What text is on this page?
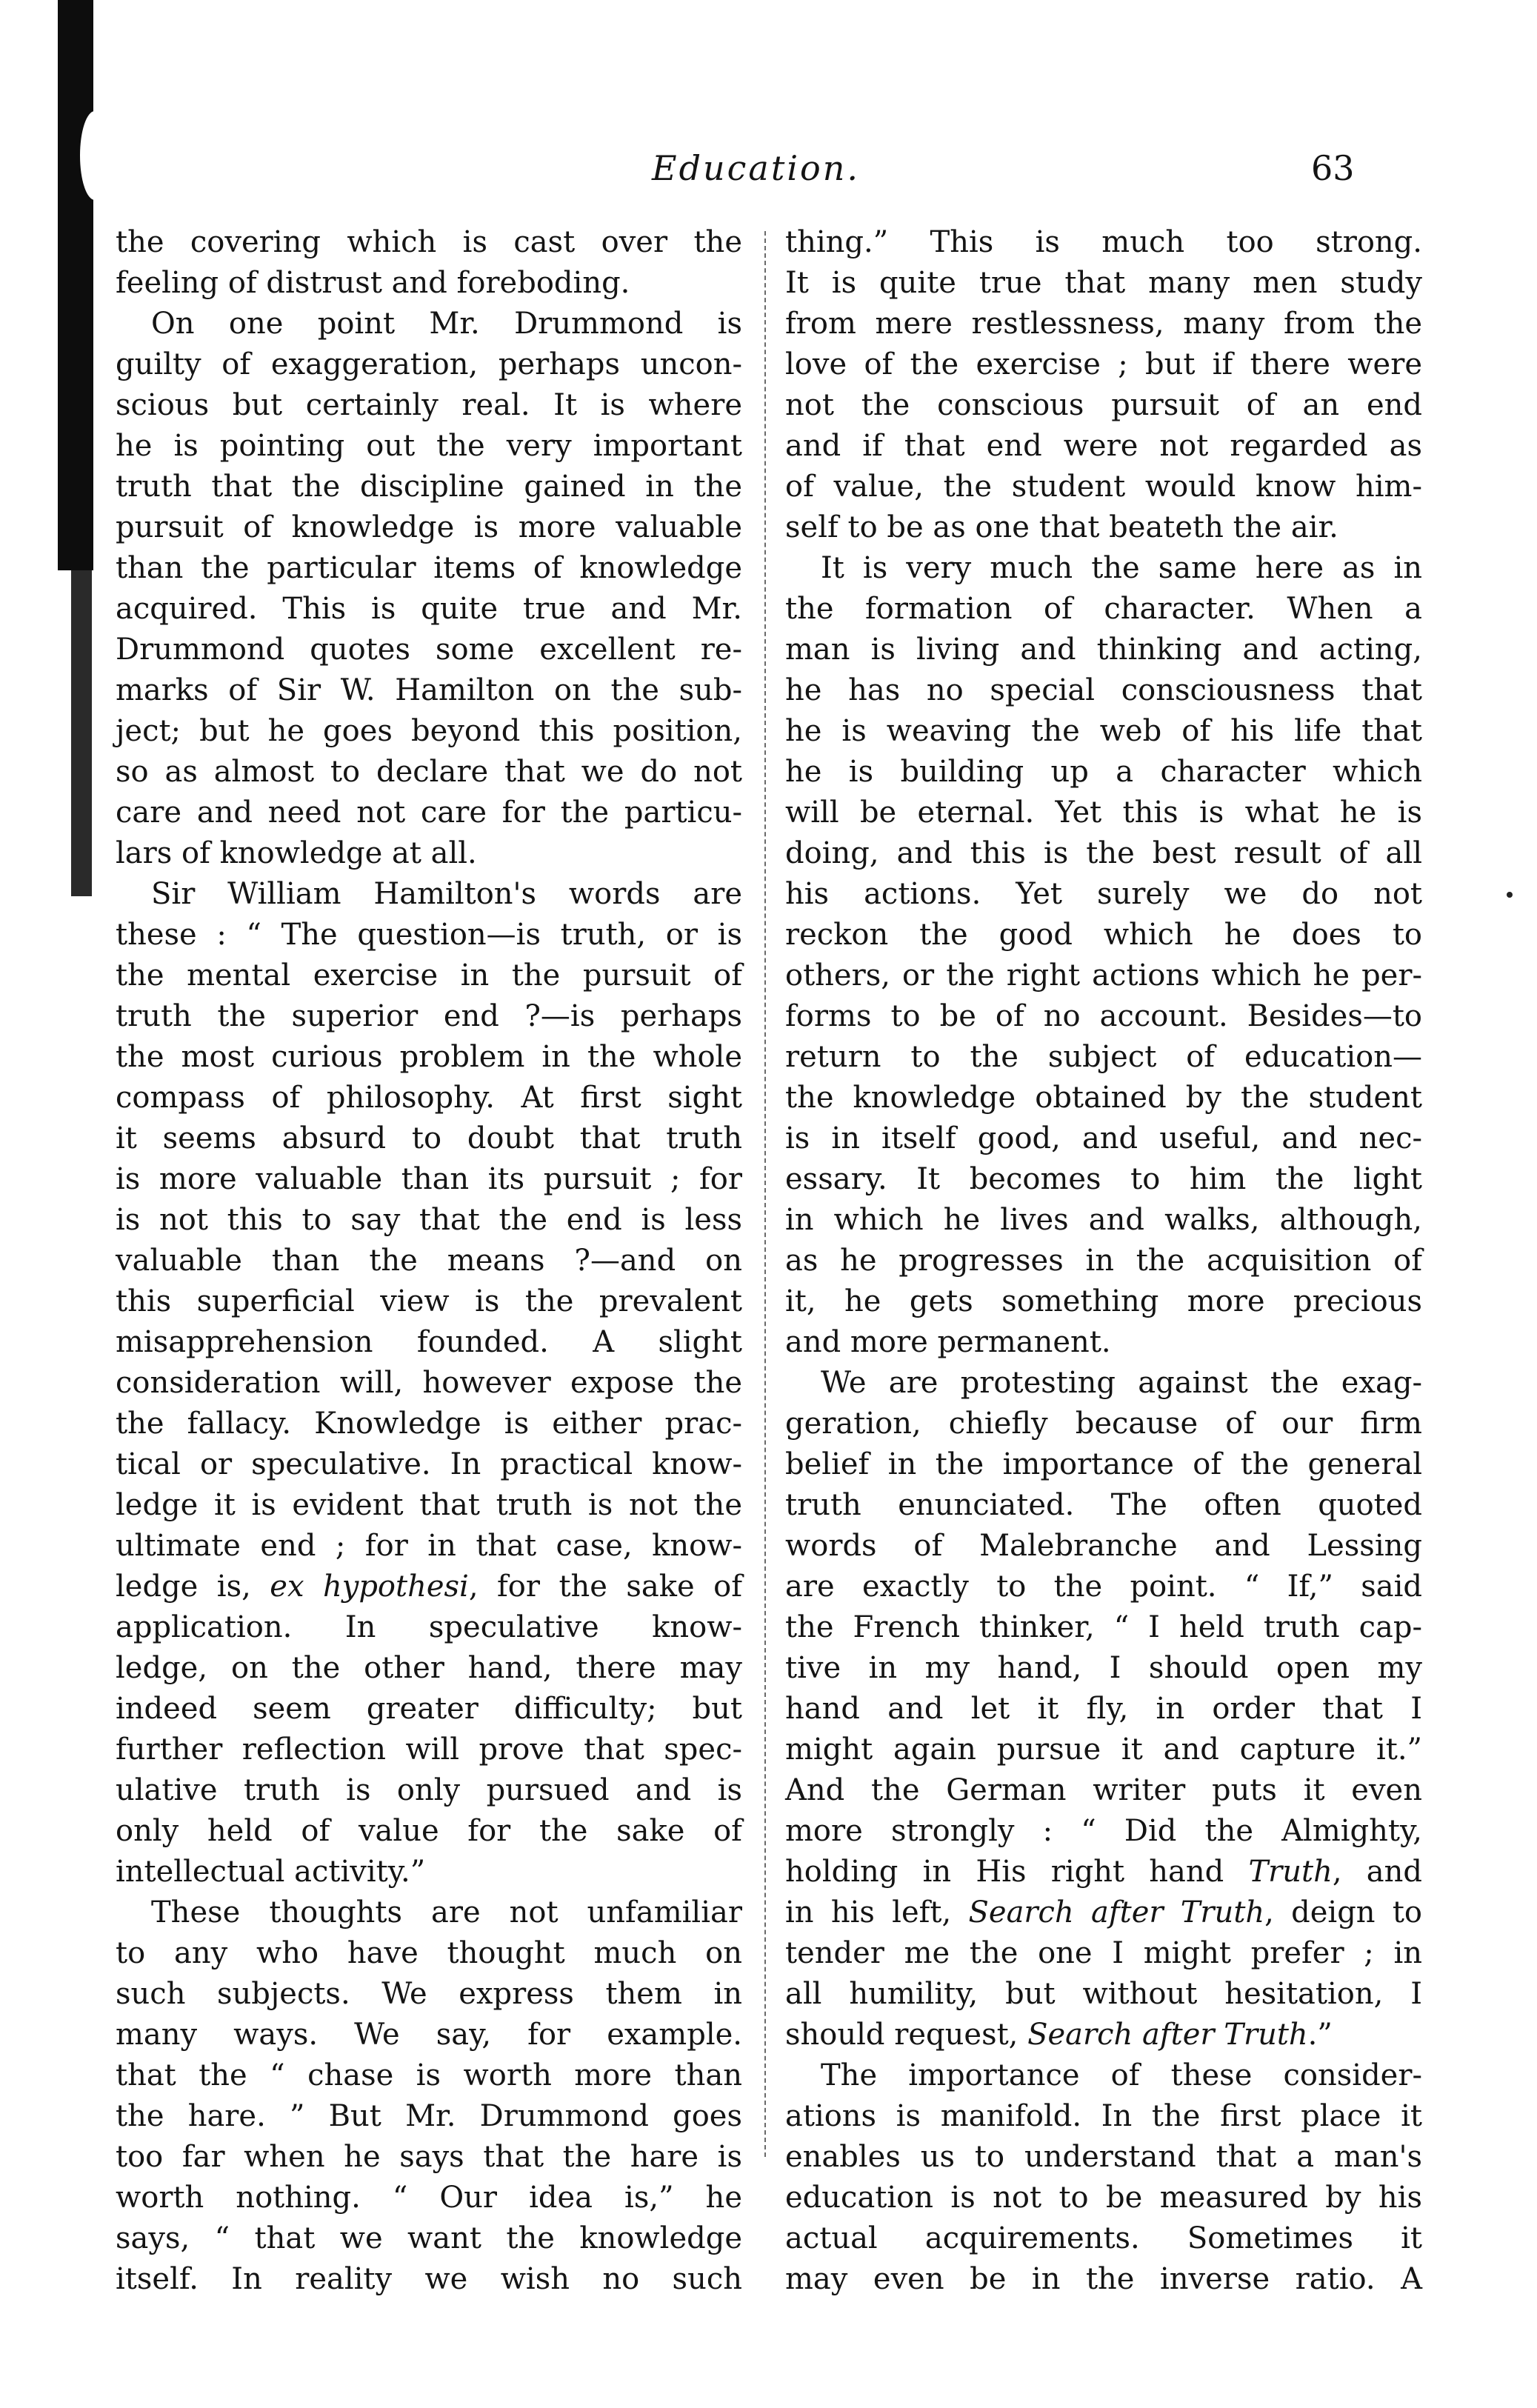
Education.	63
the covering which is cast over the
feeling of distrust and foreboding.
On one point Mr. Drummond is
guilty of exaggeration, perhaps uncon-
scious but certainly real. It is where
he is pointing out the very important
truth that the discipline gained in the
pursuit of knowledge is more valuable
than the particular items of knowledge
acquired. This is quite true and Mr.
Drummond quotes some excellent re-
marks of Sir W. Hamilton on the sub-
ject; but he goes beyond this position,
so as almost to declare that we do not
care and need not care for the particu-
lars of knowledge at all.
Sir William Hamilton's words are
these : “ The question—is truth, or is
the mental exercise in the pursuit of
truth the superior end ?—is perhaps
the most curious problem in the whole
compass of philosophy. At first sight
it seems absurd to doubt that truth
is more valuable than its pursuit ; for
is not this to say that the end is less
valuable than the means ?—and on
this superficial view is the prevalent
misapprehension founded. A slight
consideration will, however expose the
the fallacy. Knowledge is either prac-
tical or speculative. In practical know-
ledge it is evident that truth is not the
ultimate end ; for in that case, know-
ledge is, ex hypothesi, for the sake of
application. In speculative know-
ledge, on the other hand, there may
indeed seem greater difficulty; but
further reflection will prove that spec-
ulative truth is only pursued and is
only held of value for the sake of
intellectual activity.”
These thoughts are not unfamiliar
to any who have thought much on
such subjects. We express them in
many ways. We say, for example.
that the “ chase is worth more than
the hare. ” But Mr. Drummond goes
too far when he says that the hare is
worth nothing. “ Our idea is,” he
says, “ that we want the knowledge
itself. In reality we wish no such
thing.” This is much too strong.
It is quite true that many men study
from mere restlessness, many from the
love of the exercise ; but if there were
not the conscious pursuit of an end
and if that end were not regarded as
of value, the student would know him-
self to be as one that beateth the air.
It is very much the same here as in
the formation of character. When a
man is living and thinking and acting,
he has no special consciousness that
he is weaving the web of his life that
he is building up a character which
will be eternal. Yet this is what he is
doing, and this is the best result of all
his actions. Yet surely we do not
reckon the good which he does to
others, or the right actions which he per-
forms to be of no account. Besides—to
return to the subject of education—
the knowledge obtained by the student
is in itself good, and useful, and nec-
essary. It becomes to him the light
in which he lives and walks, although,
as he progresses in the acquisition of
it, he gets something more precious
and more permanent.
We are protesting against the exag-
geration, chiefly because of our firm
belief in the importance of the general
truth enunciated. The often quoted
words of Malebranche and Lessing
are exactly to the point. “ If,” said
the French thinker, “ I held truth cap-
tive in my hand, I should open my
hand and let it fly, in order that I
might again pursue it and capture it.”
And the German writer puts it even
more strongly : “ Did the Almighty,
holding in His right hand Truth, and
in his left, Search after Truth, deign to
tender me the one I might prefer ; in
all humility, but without hesitation, I
should request, Search after Truth.”
The importance of these consider-
ations is manifold. In the first place it
enables us to understand that a man's
education is not to be measured by his
actual acquirements. Sometimes it
may even be in the inverse ratio. A
